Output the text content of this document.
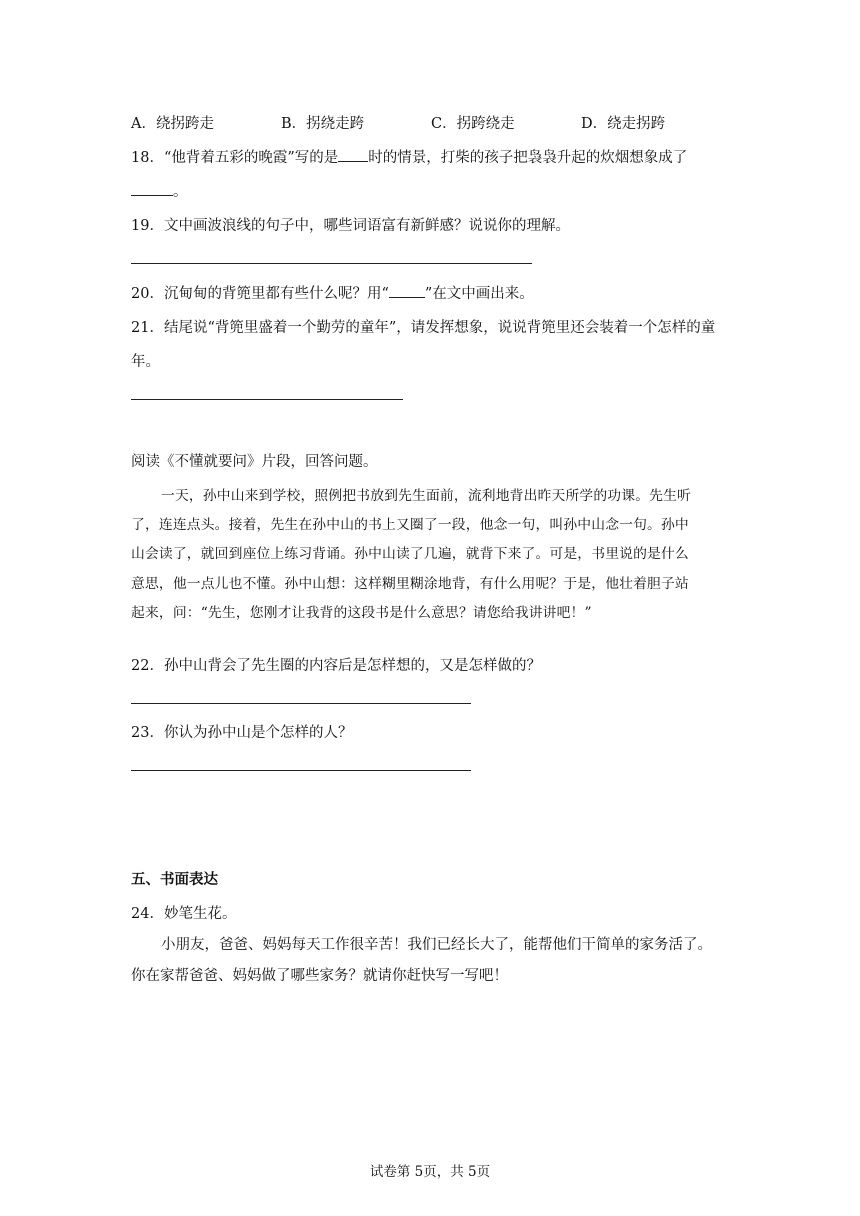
A．绕拐跨走	B．拐绕走跨	C．拐跨绕走	D．绕走拐跨
18．“他背着五彩的晚霞”写的是 时的情景，打柴的孩子把袅袅升起的炊烟想象成了
。
19．文中画波浪线的句子中，哪些词语富有新鲜感？说说你的理解。
20．沉甸甸的背篼里都有些什么呢？用“ ”在文中画出来。
21．结尾说“背篼里盛着一个勤劳的童年”，请发挥想象，说说背篼里还会装着一个怎样的童
年。
阅读《不懂就要问》片段，回答问题。
一天，孙中山来到学校，照例把书放到先生面前，流利地背出昨天所学的功课。先生听
了，连连点头。接着，先生在孙中山的书上又圈了一段，他念一句，叫孙中山念一句。孙中
山会读了，就回到座位上练习背诵。孙中山读了几遍，就背下来了。可是，书里说的是什么
意思，他一点儿也不懂。孙中山想：这样糊里糊涂地背，有什么用呢？于是，他壮着胆子站
起来，问：“先生，您刚才让我背的这段书是什么意思？请您给我讲讲吧！”
22．孙中山背会了先生圈的内容后是怎样想的，又是怎样做的？
23．你认为孙中山是个怎样的人？
五、书面表达
24．妙笔生花。
小朋友，爸爸、妈妈每天工作很辛苦！我们已经长大了，能帮他们干简单的家务活了。
你在家帮爸爸、妈妈做了哪些家务？就请你赶快写一写吧！
试卷第 5页，共 5页
